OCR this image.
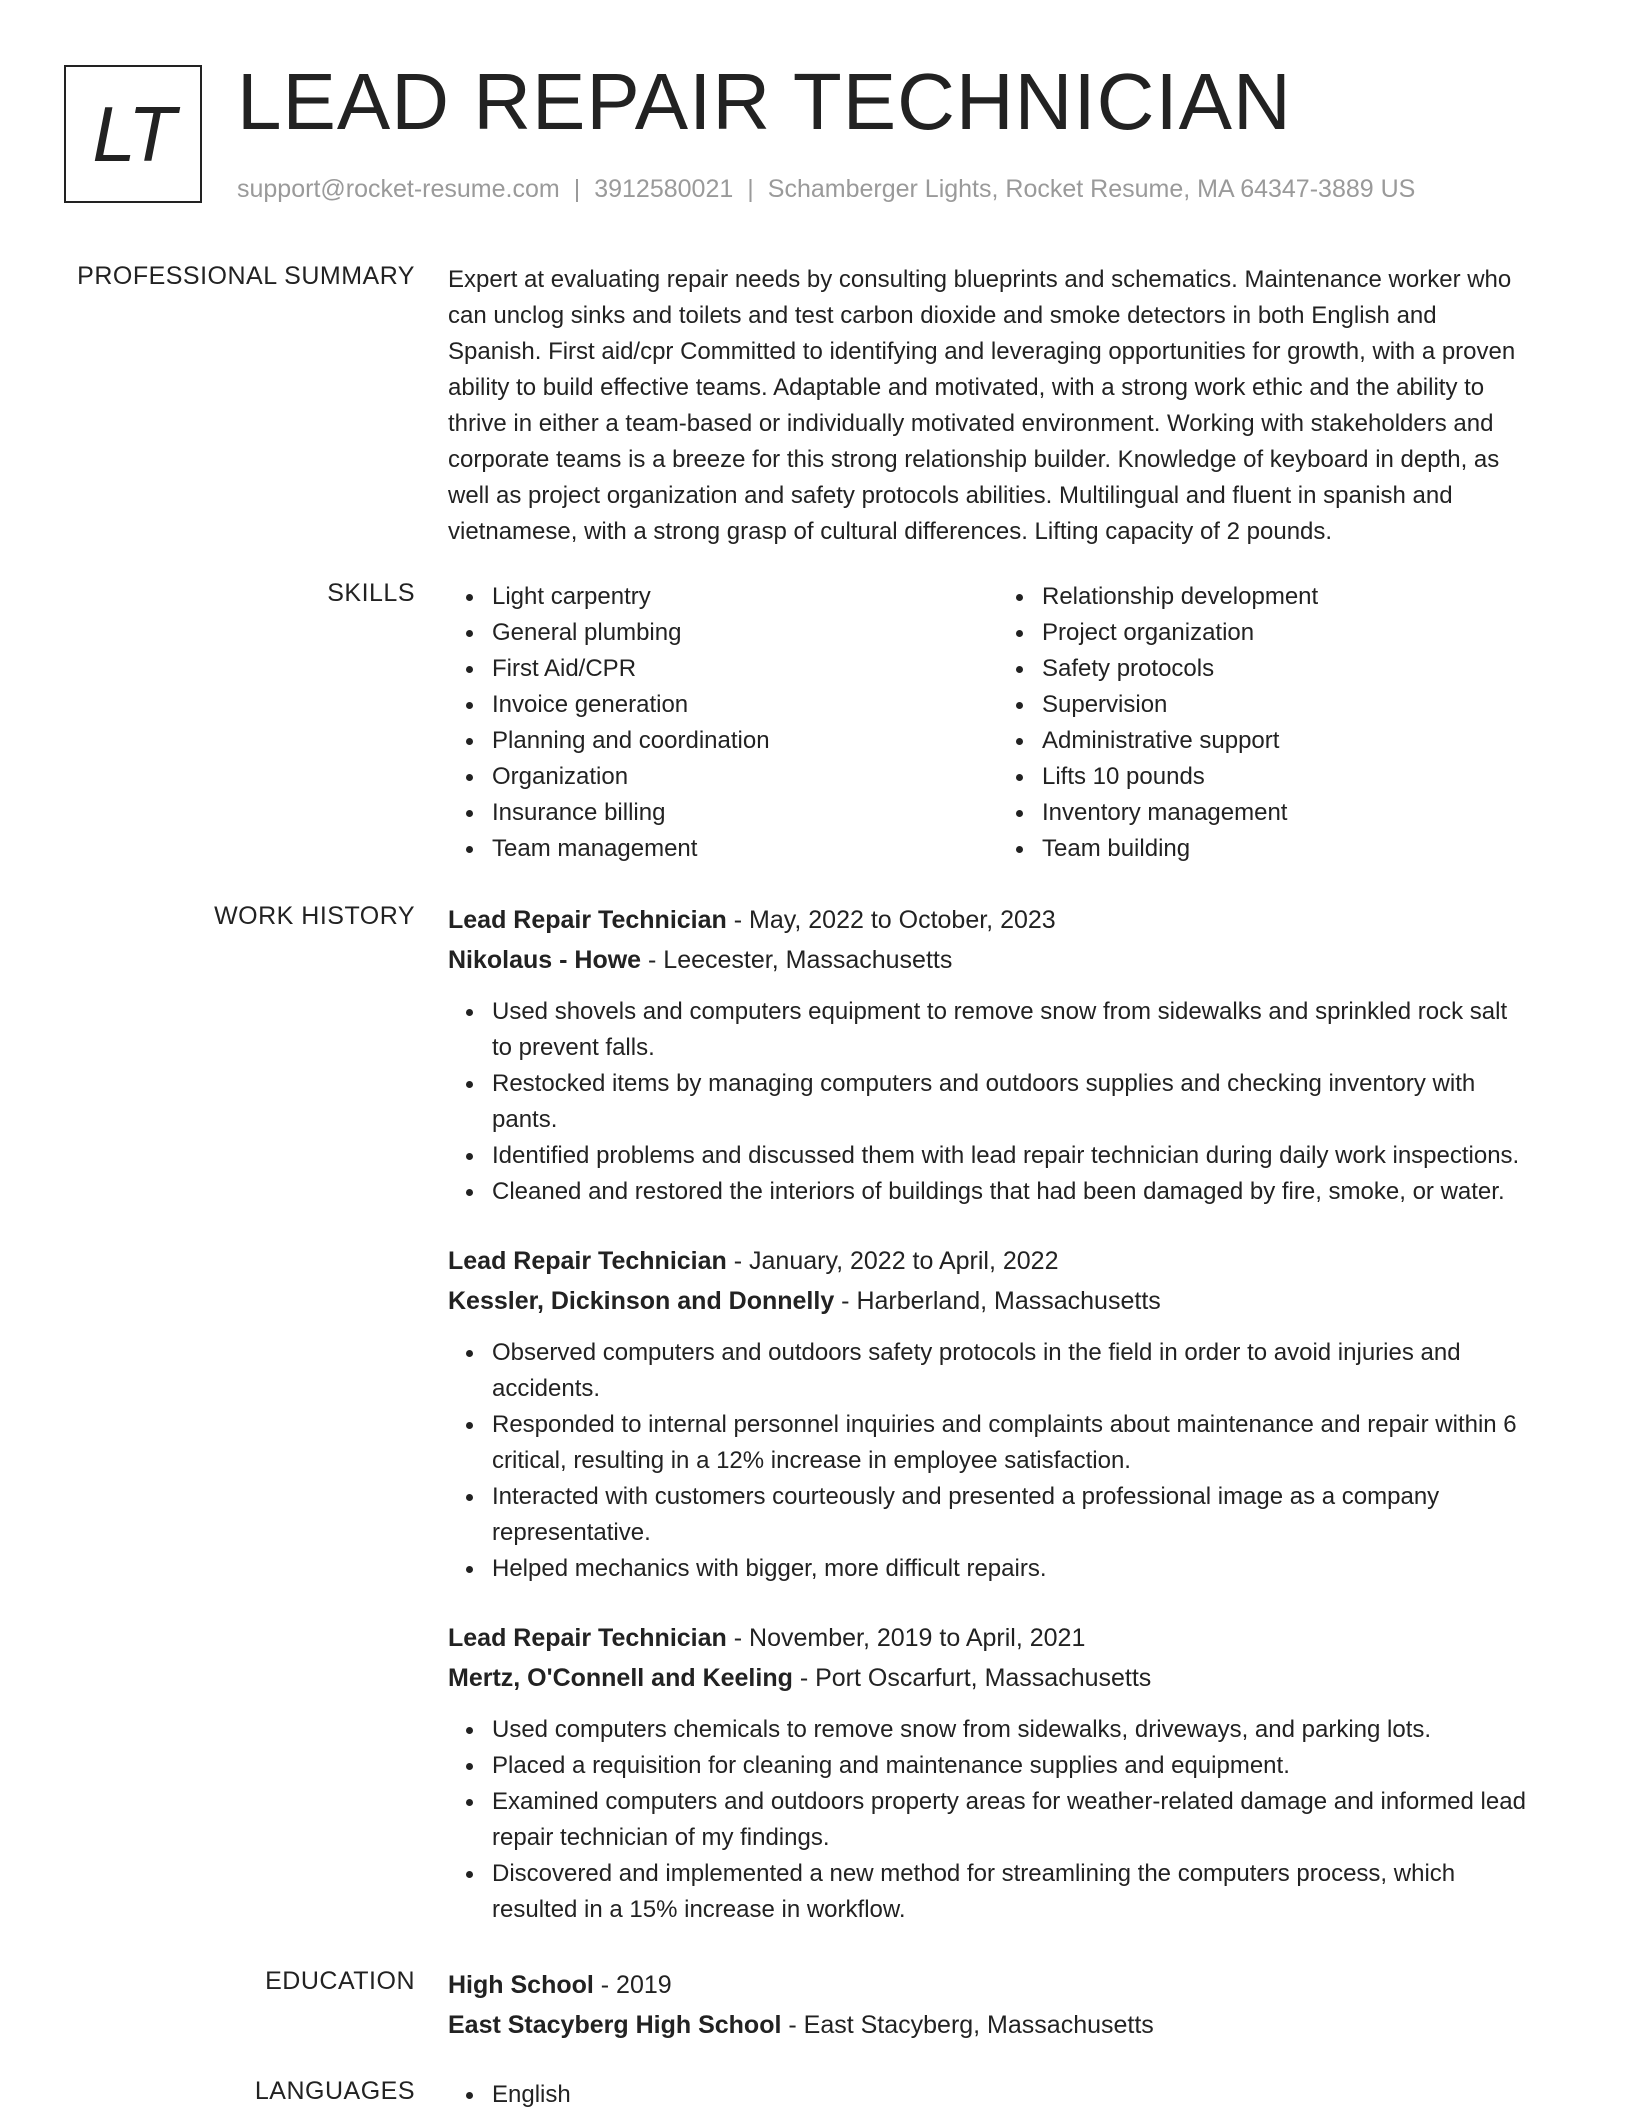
LT LEAD REPAIR TECHNICIAN
support@rocket-resume.com | 3912580021 | Schamberger Lights, Rocket Resume, MA 64347-3889 US
PROFESSIONAL SUMMARY Expert at evaluating repair needs by consulting blueprints and schematics. Maintenance worker who
can unclog sinks and toilets and test carbon dioxide and smoke detectors in both English and
Spanish. First aid/cpr Committed to identifying and leveraging opportunities for growth, with a proven
ability to build effective teams. Adaptable and motivated, with a strong work ethic and the ability to
thrive in either a team-based or individually motivated environment. Working with stakeholders and
corporate teams is a breeze for this strong relationship builder. Knowledge of keyboard in depth, as
well as project organization and safety protocols abilities. Multilingual and fluent in spanish and
vietnamese, with a strong grasp of cultural differences. Lifting capacity of 2 pounds.

SKILLS	Light carpentry
General plumbing
First Aid/CPR
Invoice generation
Planning and coordination
Organization
Insurance billing
Team management
Relationship development
Project organization
Safety protocols
Supervision
Administrative support
Lifts 10 pounds
Inventory management
Team building
WORK HISTORY Lead Repair Technician - May, 2022 to October, 2023
Nikolaus - Howe - Leecester, Massachusetts
Used shovels and computers equipment to remove snow from sidewalks and sprinkled rock salt
to prevent falls.
Restocked items by managing computers and outdoors supplies and checking inventory with
pants.
Identified problems and discussed them with lead repair technician during daily work inspections.
Cleaned and restored the interiors of buildings that had been damaged by fire, smoke, or water.
Lead Repair Technician - January, 2022 to April, 2022
Kessler, Dickinson and Donnelly - Harberland, Massachusetts
Observed computers and outdoors safety protocols in the field in order to avoid injuries and
accidents.
Responded to internal personnel inquiries and complaints about maintenance and repair within 6
critical, resulting in a 12% increase in employee satisfaction.
Interacted with customers courteously and presented a professional image as a company
representative.
Helped mechanics with bigger, more difficult repairs.
Lead Repair Technician - November, 2019 to April, 2021
Mertz, O'Connell and Keeling - Port Oscarfurt, Massachusetts
Used computers chemicals to remove snow from sidewalks, driveways, and parking lots.
Placed a requisition for cleaning and maintenance supplies and equipment.
Examined computers and outdoors property areas for weather-related damage and informed lead
repair technician of my findings.
Discovered and implemented a new method for streamlining the computers process, which
resulted in a 15% increase in workflow.
EDUCATION High School - 2019
East Stacyberg High School - East Stacyberg, Massachusetts
LANGUAGES	English
